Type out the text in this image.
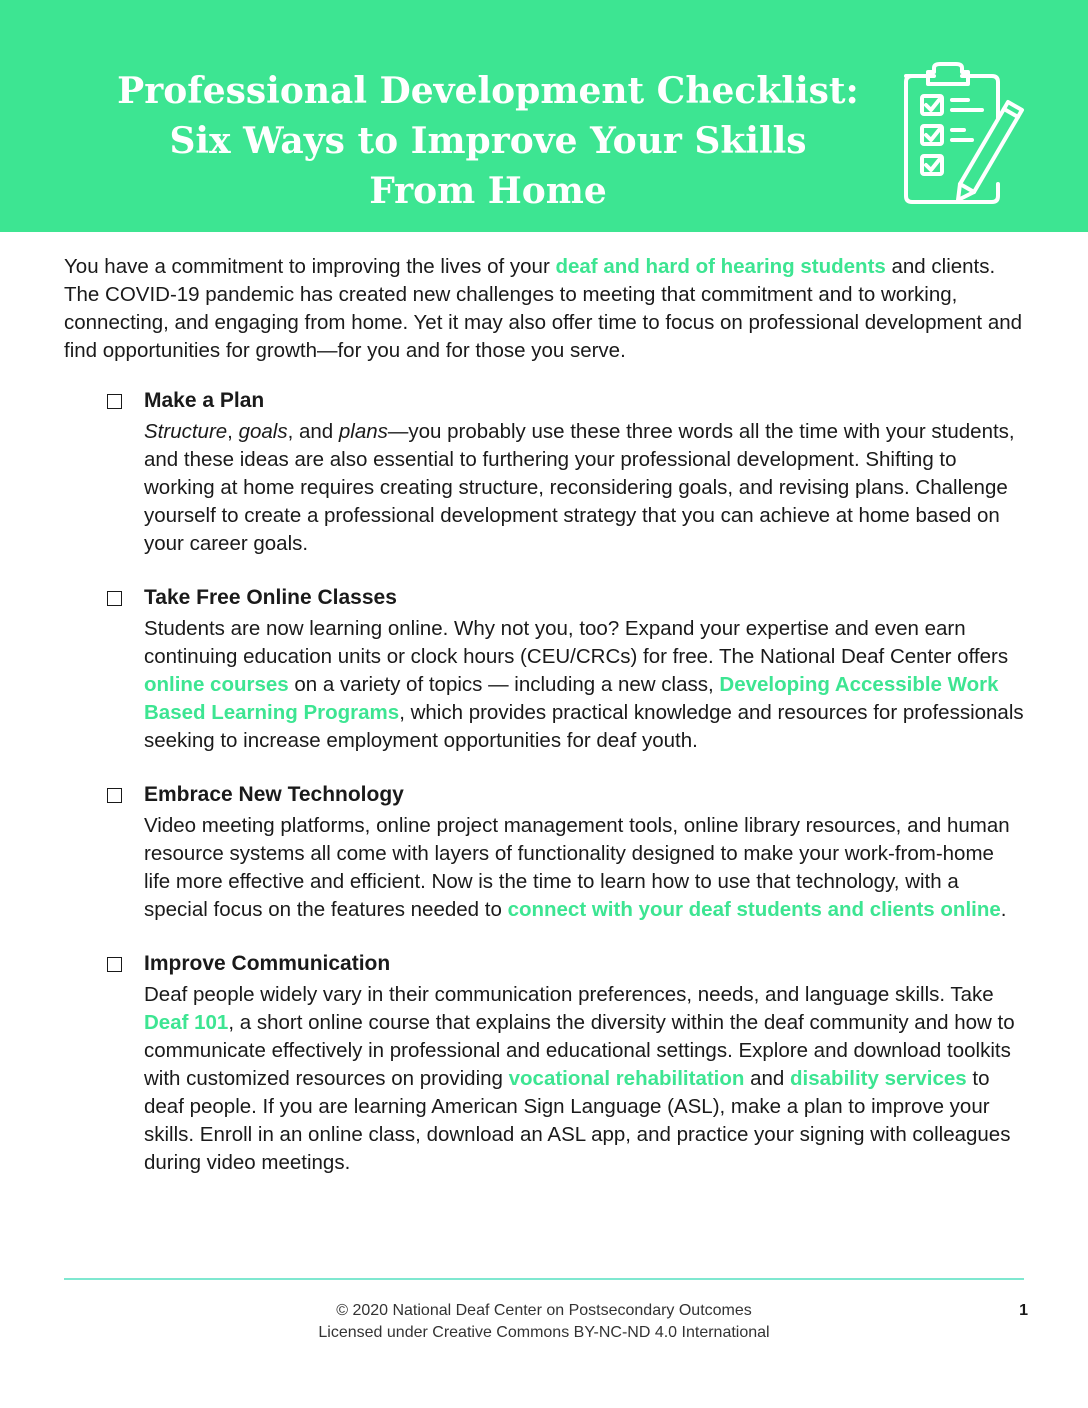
Professional Development Checklist:
Six Ways to Improve Your Skills
From Home

You have a commitment to improving the lives of your deaf and hard of hearing students and clients. The COVID-19 pandemic has created new challenges to meeting that commitment and to working, connecting, and engaging from home. Yet it may also offer time to focus on professional development and find opportunities for growth—for you and for those you serve.

Make a Plan

Structure, goals, and plans—you probably use these three words all the time with your students, and these ideas are also essential to furthering your professional development. Shifting to working at home requires creating structure, reconsidering goals, and revising plans. Challenge yourself to create a professional development strategy that you can achieve at home based on your career goals.

Take Free Online Classes

Students are now learning online. Why not you, too? Expand your expertise and even earn continuing education units or clock hours (CEU/CRCs) for free. The National Deaf Center offers online courses on a variety of topics — including a new class, Developing Accessible Work Based Learning Programs, which provides practical knowledge and resources for professionals seeking to increase employment opportunities for deaf youth.

Embrace New Technology

Video meeting platforms, online project management tools, online library resources, and human resource systems all come with layers of functionality designed to make your work-from-home life more effective and efficient. Now is the time to learn how to use that technology, with a special focus on the features needed to connect with your deaf students and clients online.

Improve Communication

Deaf people widely vary in their communication preferences, needs, and language skills. Take Deaf 101, a short online course that explains the diversity within the deaf community and how to communicate effectively in professional and educational settings. Explore and download toolkits with customized resources on providing vocational rehabilitation and disability services to deaf people. If you are learning American Sign Language (ASL), make a plan to improve your skills. Enroll in an online class, download an ASL app, and practice your signing with colleagues during video meetings.

© 2020 National Deaf Center on Postsecondary Outcomes
Licensed under Creative Commons BY-NC-ND 4.0 International
1
